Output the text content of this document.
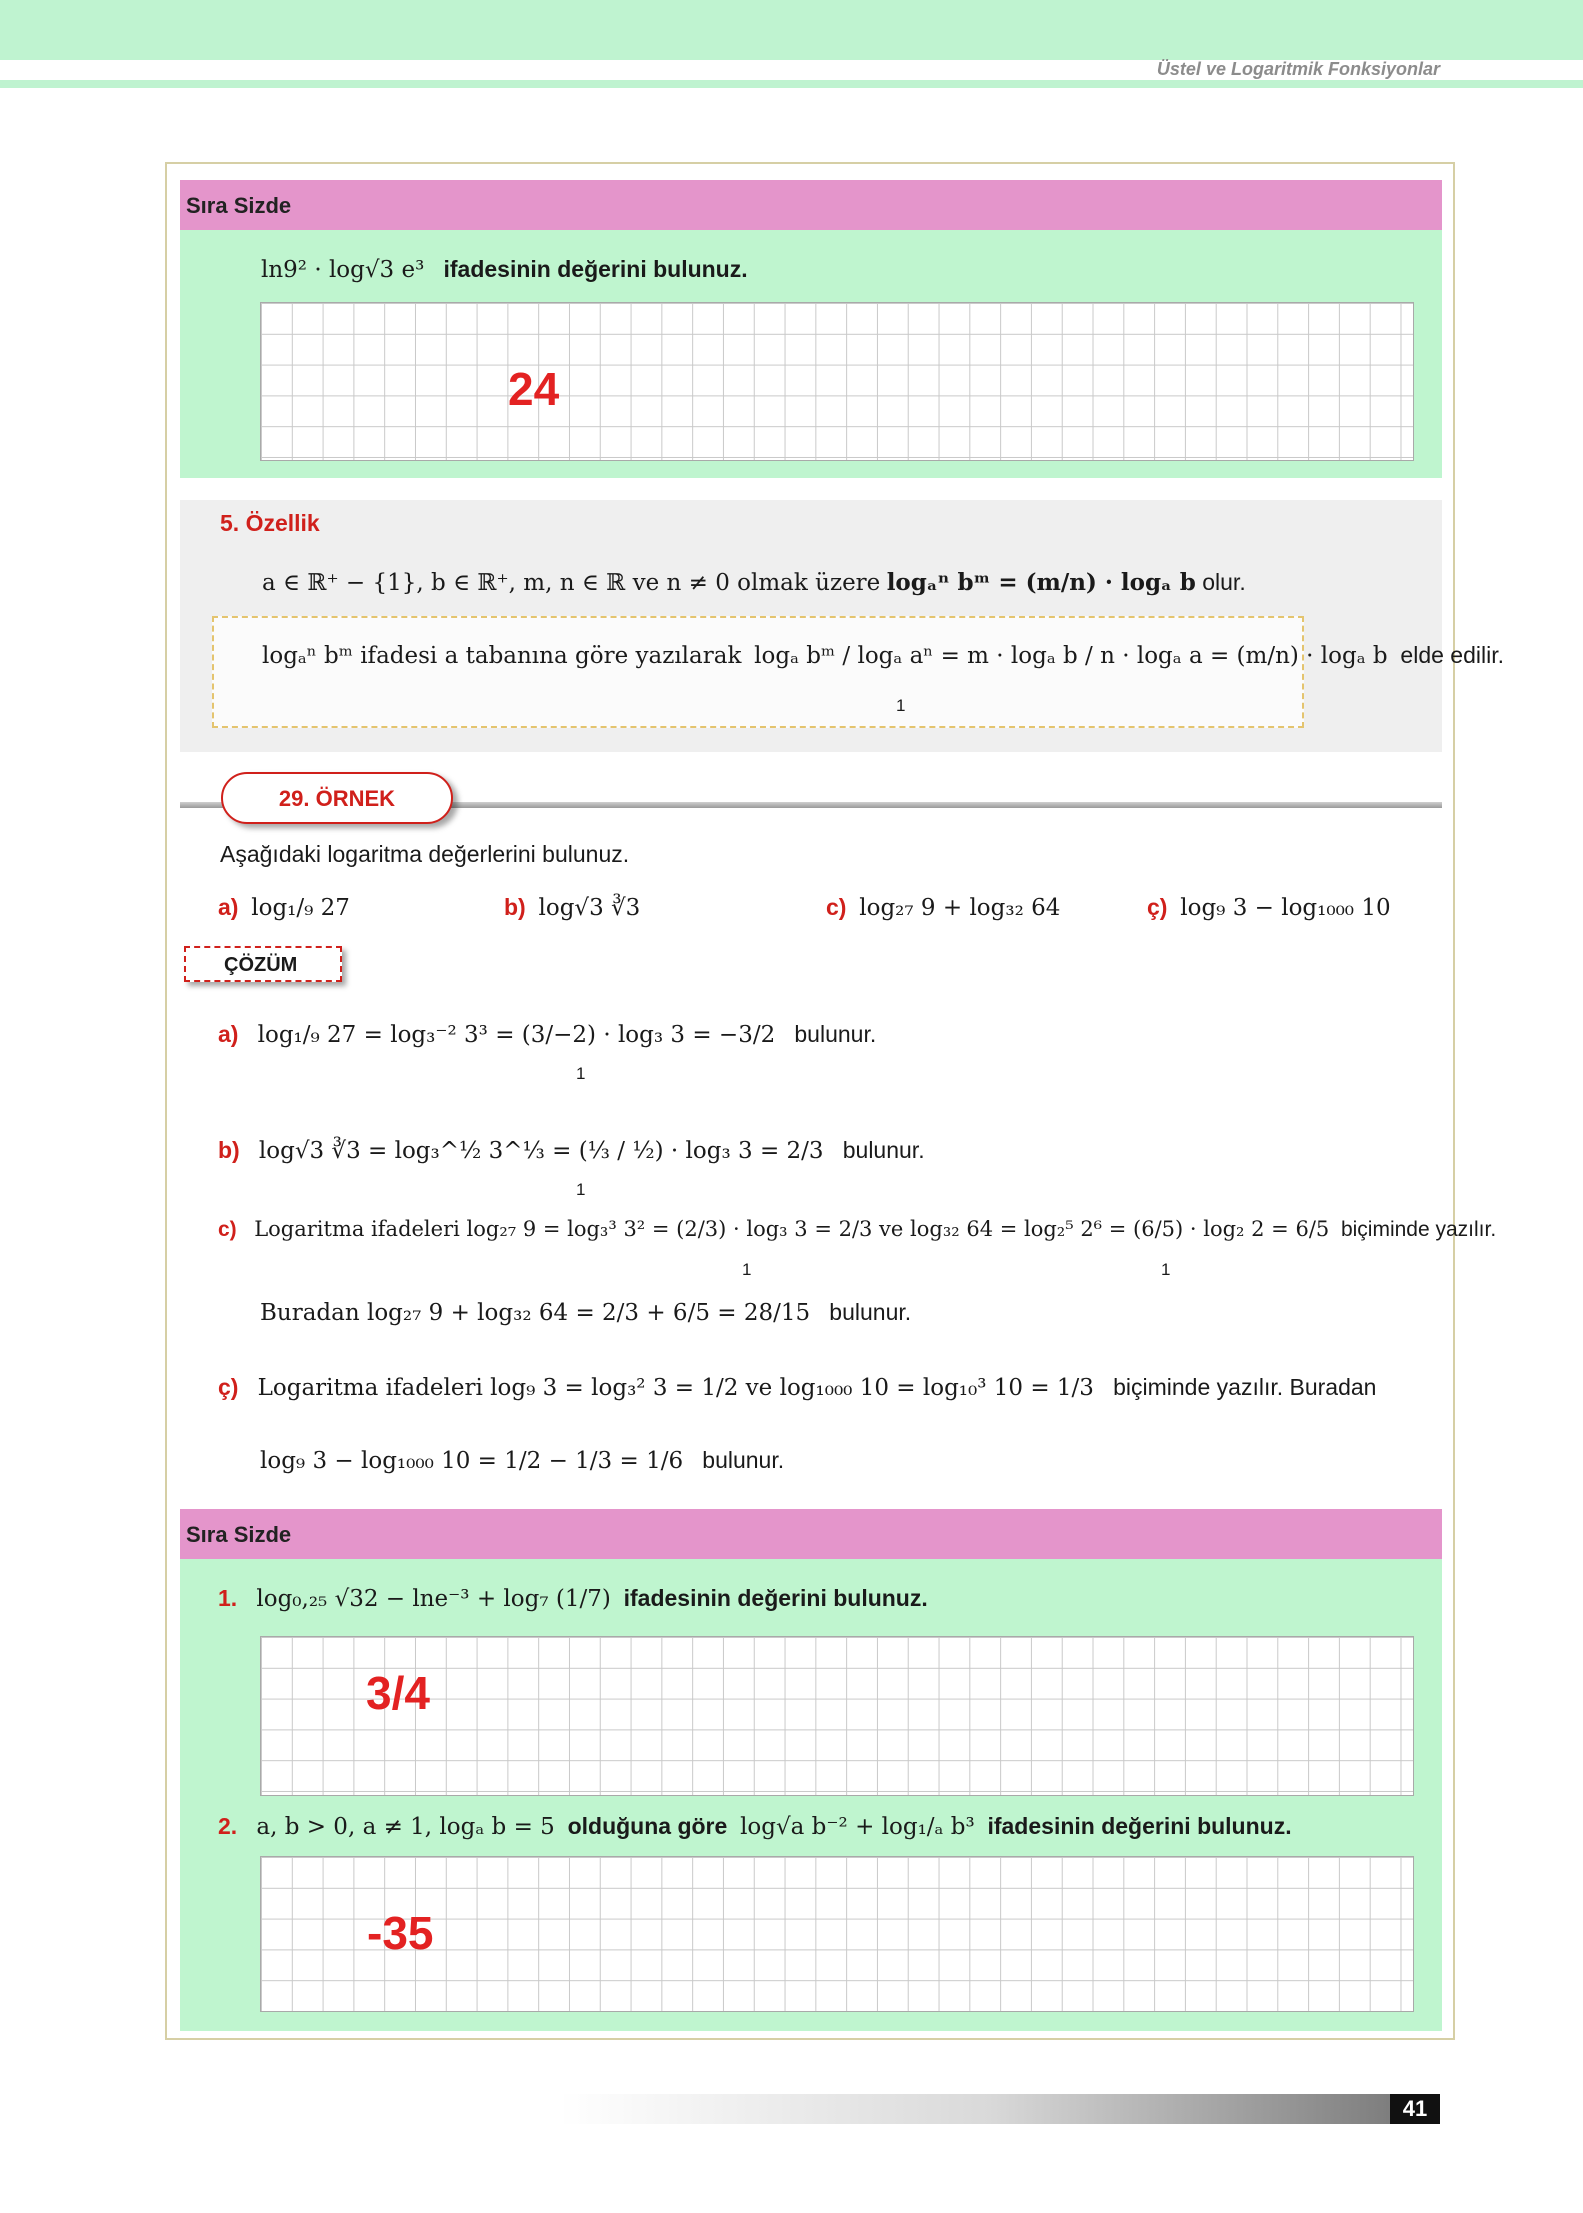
Üstel ve Logaritmik Fonksiyonlar
Sıra Sizde
ln9² · log√3 e³ ifadesinin değerini bulunuz.
24
5. Özellik
a ∈ ℝ⁺ − {1}, b ∈ ℝ⁺, m, n ∈ ℝ ve n ≠ 0 olmak üzere logₐⁿ bᵐ = (m/n) · logₐ b olur.
logₐⁿ bᵐ ifadesi a tabanına göre yazılarak logₐ bᵐ / logₐ aⁿ = m · logₐ b / n · logₐ a = (m/n) · logₐ b elde edilir.
1
29. ÖRNEK
Aşağıdaki logaritma değerlerini bulunuz.
a) log₁/₉ 27	b) log√3 ∛3	c) log₂₇ 9 + log₃₂ 64	ç) log₉ 3 − log₁₀₀₀ 10
ÇÖZÜM
a) log₁/₉ 27 = log₃⁻² 3³ = (3/−2) · log₃ 3 = −3/2 bulunur.
1
b) log√3 ∛3 = log₃^½ 3^⅓ = (⅓ / ½) · log₃ 3 = 2/3 bulunur.
1
c) Logaritma ifadeleri log₂₇ 9 = log₃³ 3² = (2/3) · log₃ 3 = 2/3 ve log₃₂ 64 = log₂⁵ 2⁶ = (6/5) · log₂ 2 = 6/5 biçiminde yazılır.
1	1
Buradan log₂₇ 9 + log₃₂ 64 = 2/3 + 6/5 = 28/15 bulunur.
ç) Logaritma ifadeleri log₉ 3 = log₃² 3 = 1/2 ve log₁₀₀₀ 10 = log₁₀³ 10 = 1/3 biçiminde yazılır. Buradan
log₉ 3 − log₁₀₀₀ 10 = 1/2 − 1/3 = 1/6 bulunur.
Sıra Sizde
1. log₀,₂₅ √32 − lne⁻³ + log₇ (1/7) ifadesinin değerini bulunuz.
3/4
2. a, b > 0, a ≠ 1, logₐ b = 5 olduğuna göre log√a b⁻² + log₁/ₐ b³ ifadesinin değerini bulunuz.
-35
41
